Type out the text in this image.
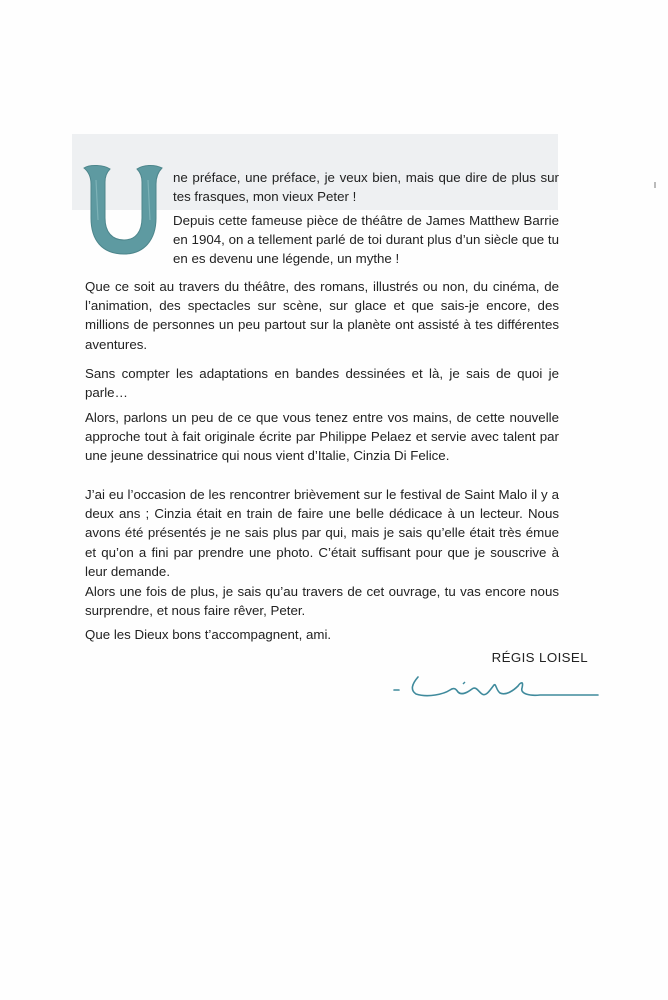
ne préface, une préface, je veux bien, mais que dire de plus sur tes frasques, mon vieux Peter !

Depuis cette fameuse pièce de théâtre de James Matthew Barrie en 1904, on a tellement parlé de toi durant plus d’un siècle que tu en es devenu une légende, un mythe !

Que ce soit au travers du théâtre, des romans, illustrés ou non, du cinéma, de l’animation, des spectacles sur scène, sur glace et que sais-je encore, des millions de personnes un peu partout sur la planète ont assisté à tes différentes aventures.

Sans compter les adaptations en bandes dessinées et là, je sais de quoi je parle…

Alors, parlons un peu de ce que vous tenez entre vos mains, de cette nouvelle approche tout à fait originale écrite par Philippe Pelaez et servie avec talent par une jeune dessinatrice qui nous vient d’Italie, Cinzia Di Felice.

J’ai eu l’occasion de les rencontrer brièvement sur le festival de Saint Malo il y a deux ans ; Cinzia était en train de faire une belle dédicace à un lecteur. Nous avons été présentés je ne sais plus par qui, mais je sais qu’elle était très émue et qu’on a fini par prendre une photo. C’était suffisant pour que je souscrive à leur demande.

Alors une fois de plus, je sais qu’au travers de cet ouvrage, tu vas encore nous surprendre, et nous faire rêver, Peter.

Que les Dieux bons t’accompagnent, ami.

RÉGIS LOISEL
